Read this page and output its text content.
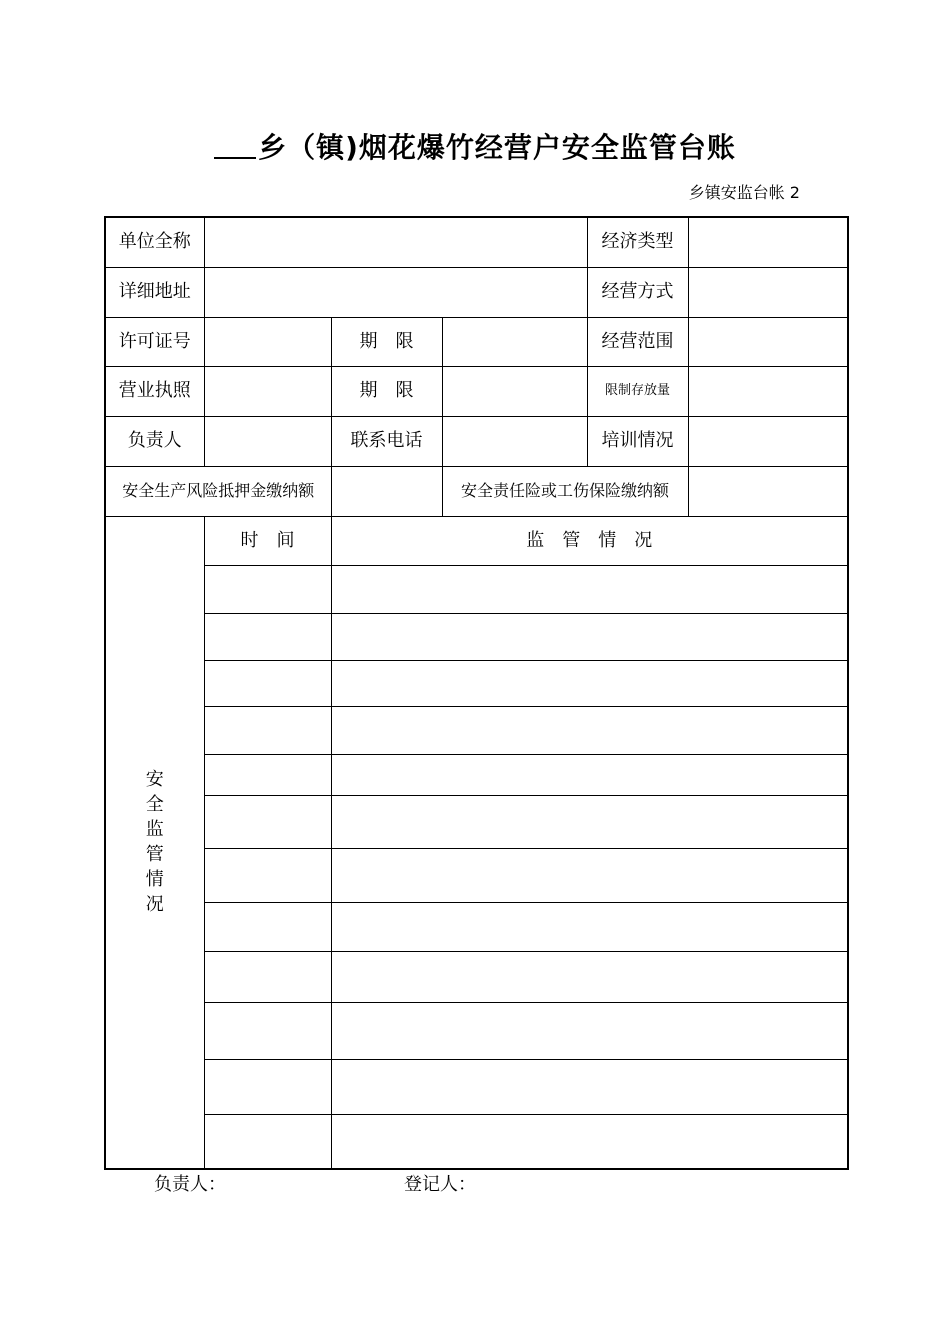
乡（镇)烟花爆竹经营户安全监管台账
乡镇安监台帐 2
单位全称				经济类型	
详细地址				经营方式	
许可证号		期　限		经营范围	
营业执照		期　限		限制存放量	
负责人		联系电话		培训情况	
安全生产风险抵押金缴纳额			安全责任险或工伤保险缴纳额		
安全监管情况	时　间	监　管　情　况			

负责人：	登记人：
